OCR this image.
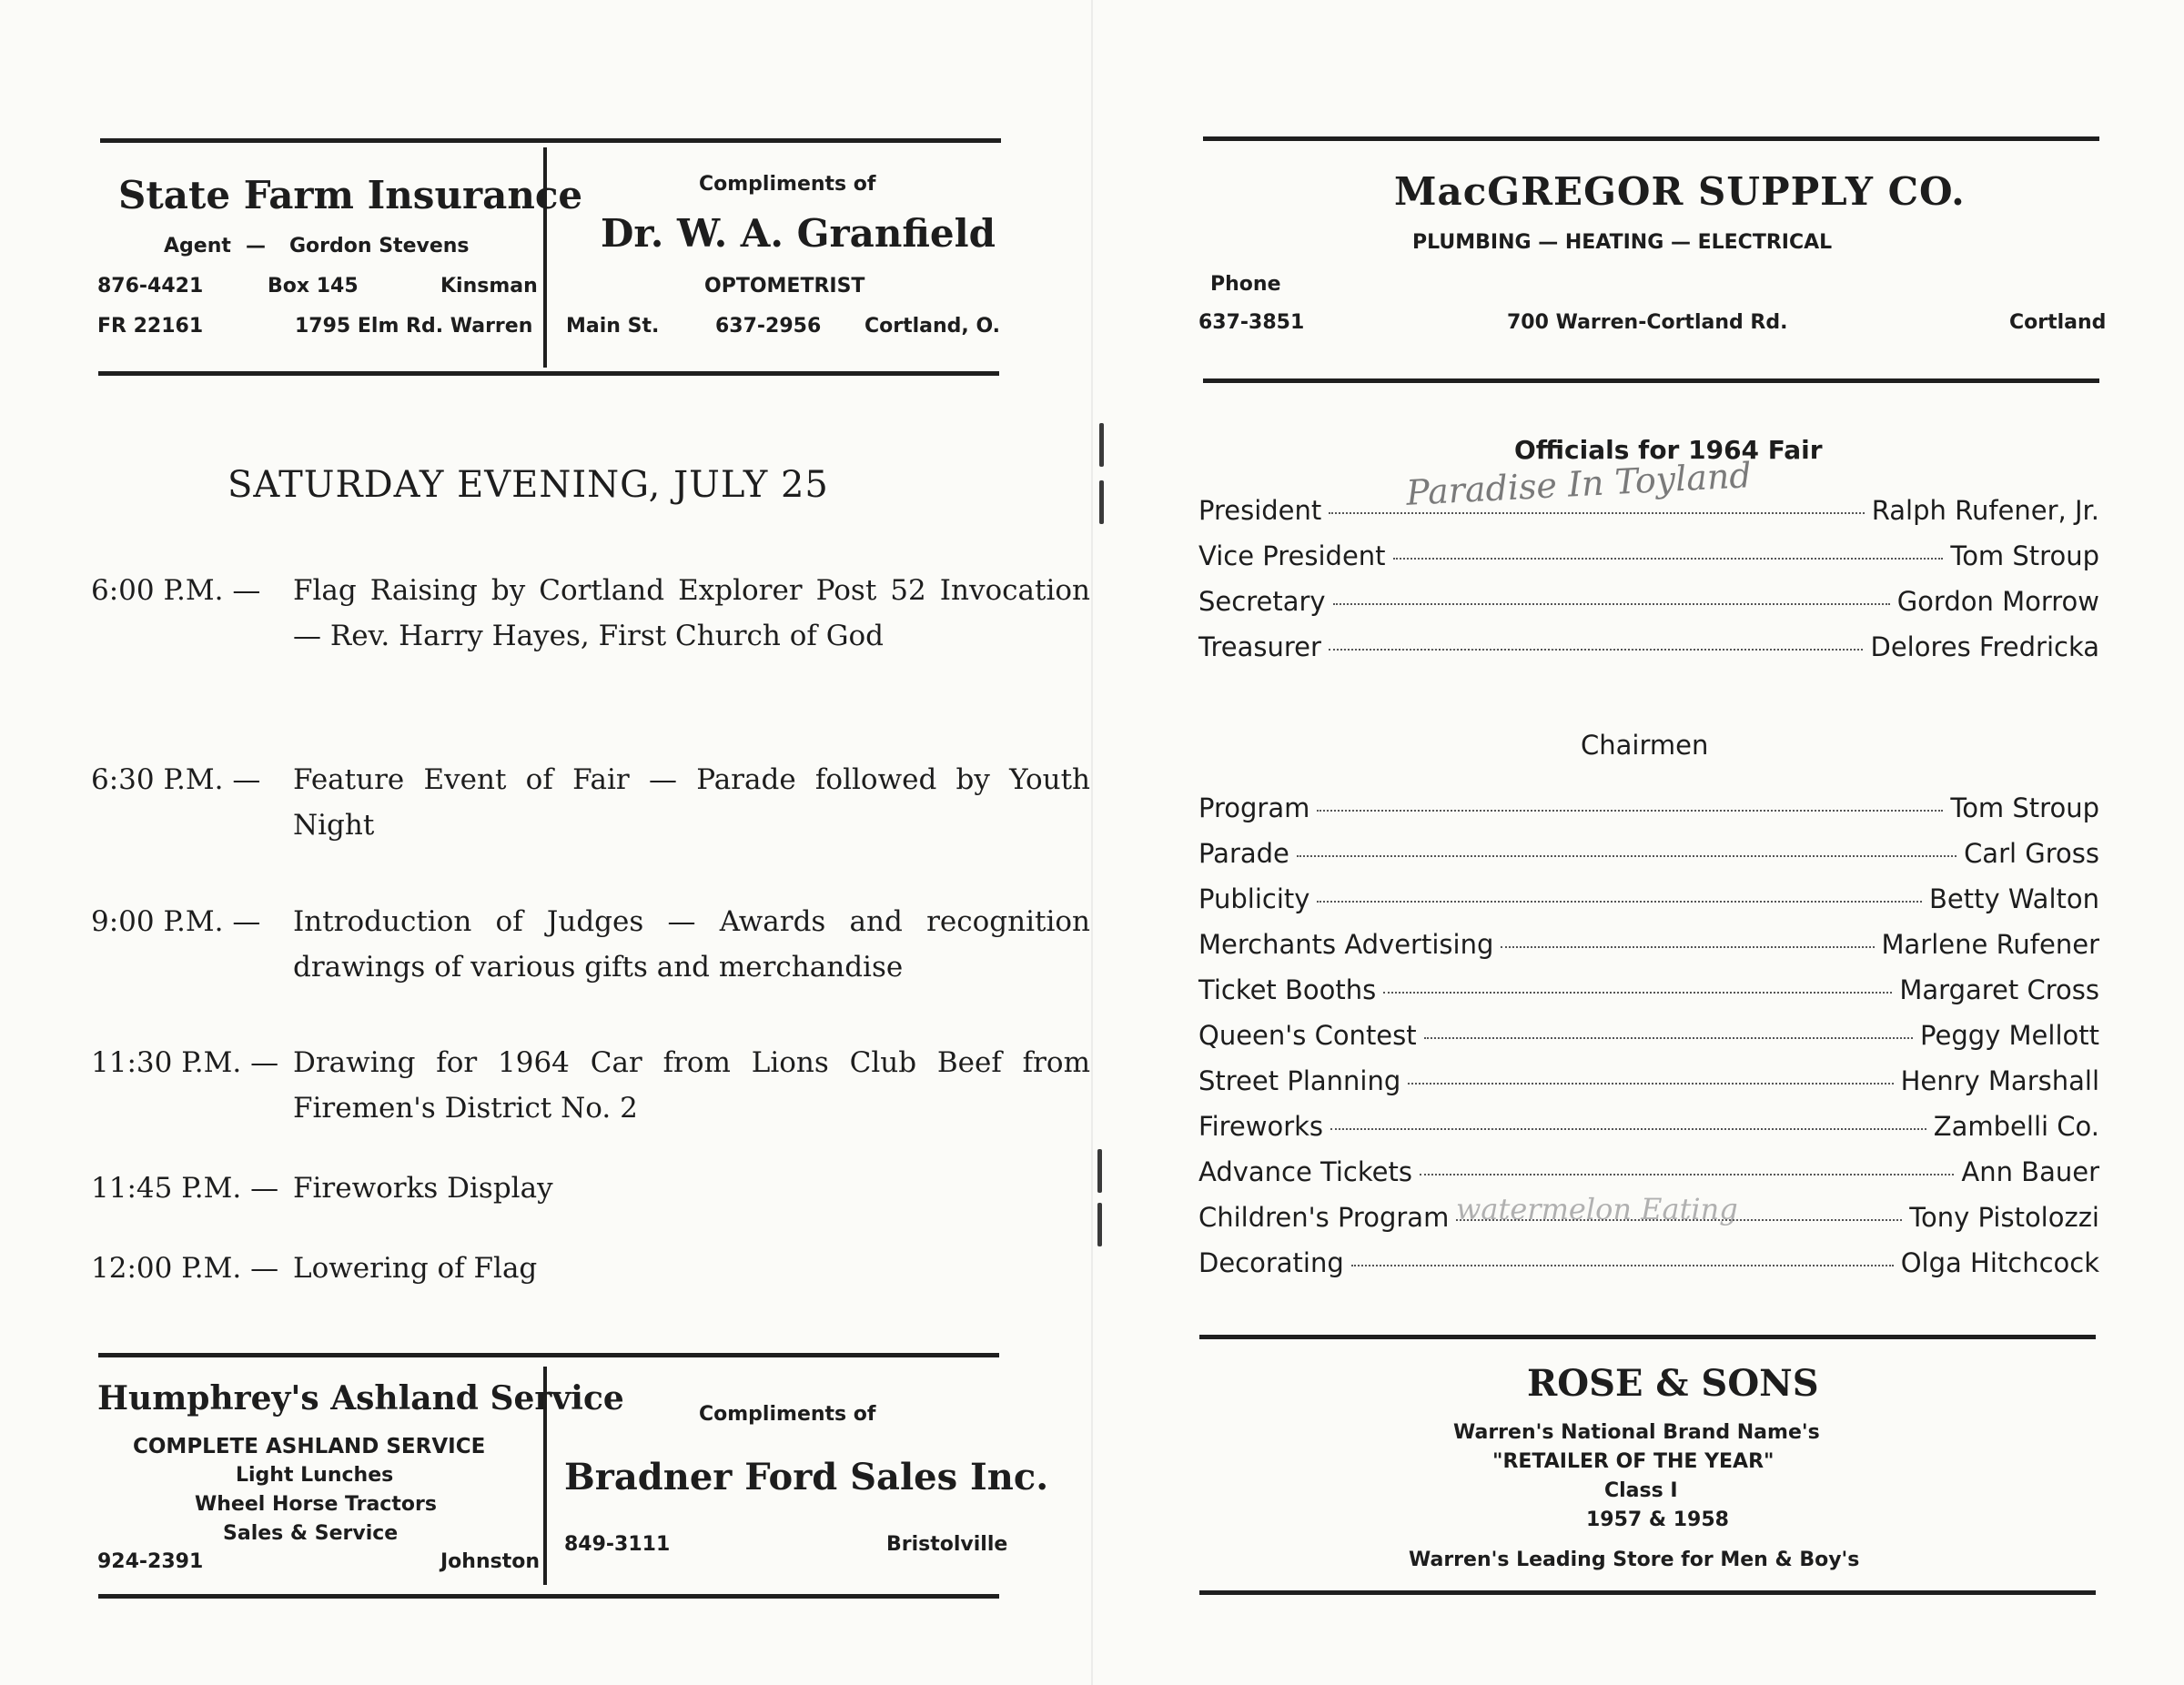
State Farm Insurance
Agent — Gordon Stevens
876-4421	Box 145	Kinsman
FR 22161	1795 Elm Rd. Warren
Compliments of
Dr. W. A. Granfield
OPTOMETRIST
Main St.	637-2956 Cortland, O.
SATURDAY EVENING, JULY 25
6:00 P.M. —	Flag Raising by Cortland Explorer Post 52 Invocation — Rev. Harry Hayes, First Church of God
6:30 P.M. —	Feature Event of Fair — Parade followed by Youth Night
9:00 P.M. —	Introduction of Judges — Awards and recognition drawings of various gifts and merchandise
11:30 P.M. — Drawing for 1964 Car from Lions Club Beef from Firemen's District No. 2
11:45 P.M. — Fireworks Display
12:00 P.M. — Lowering of Flag
Humphrey's Ashland Service
COMPLETE ASHLAND SERVICE
Light Lunches
Wheel Horse Tractors
Sales & Service
924-2391	Johnston
Compliments of
Bradner Ford Sales Inc.
849-3111	Bristolville
MacGREGOR SUPPLY CO.
PLUMBING — HEATING — ELECTRICAL
Phone
637-3851	700 Warren-Cortland Rd.	Cortland
Officials for 1964 Fair
Paradise In Toyland
President	Ralph Rufener, Jr.
Vice President	Tom Stroup
Secretary	Gordon Morrow
Treasurer	Delores Fredricka
Chairmen
watermelon Eating
Program	Tom Stroup
Parade	Carl Gross
Publicity	Betty Walton
Merchants Advertising	Marlene Rufener
Ticket Booths	Margaret Cross
Queen's Contest	Peggy Mellott
Street Planning	Henry Marshall
Fireworks	Zambelli Co.
Advance Tickets	Ann Bauer
Children's Program	Tony Pistolozzi
Decorating	Olga Hitchcock
ROSE & SONS
Warren's National Brand Name's
"RETAILER OF THE YEAR"
Class I
1957 & 1958
Warren's Leading Store for Men & Boy's
